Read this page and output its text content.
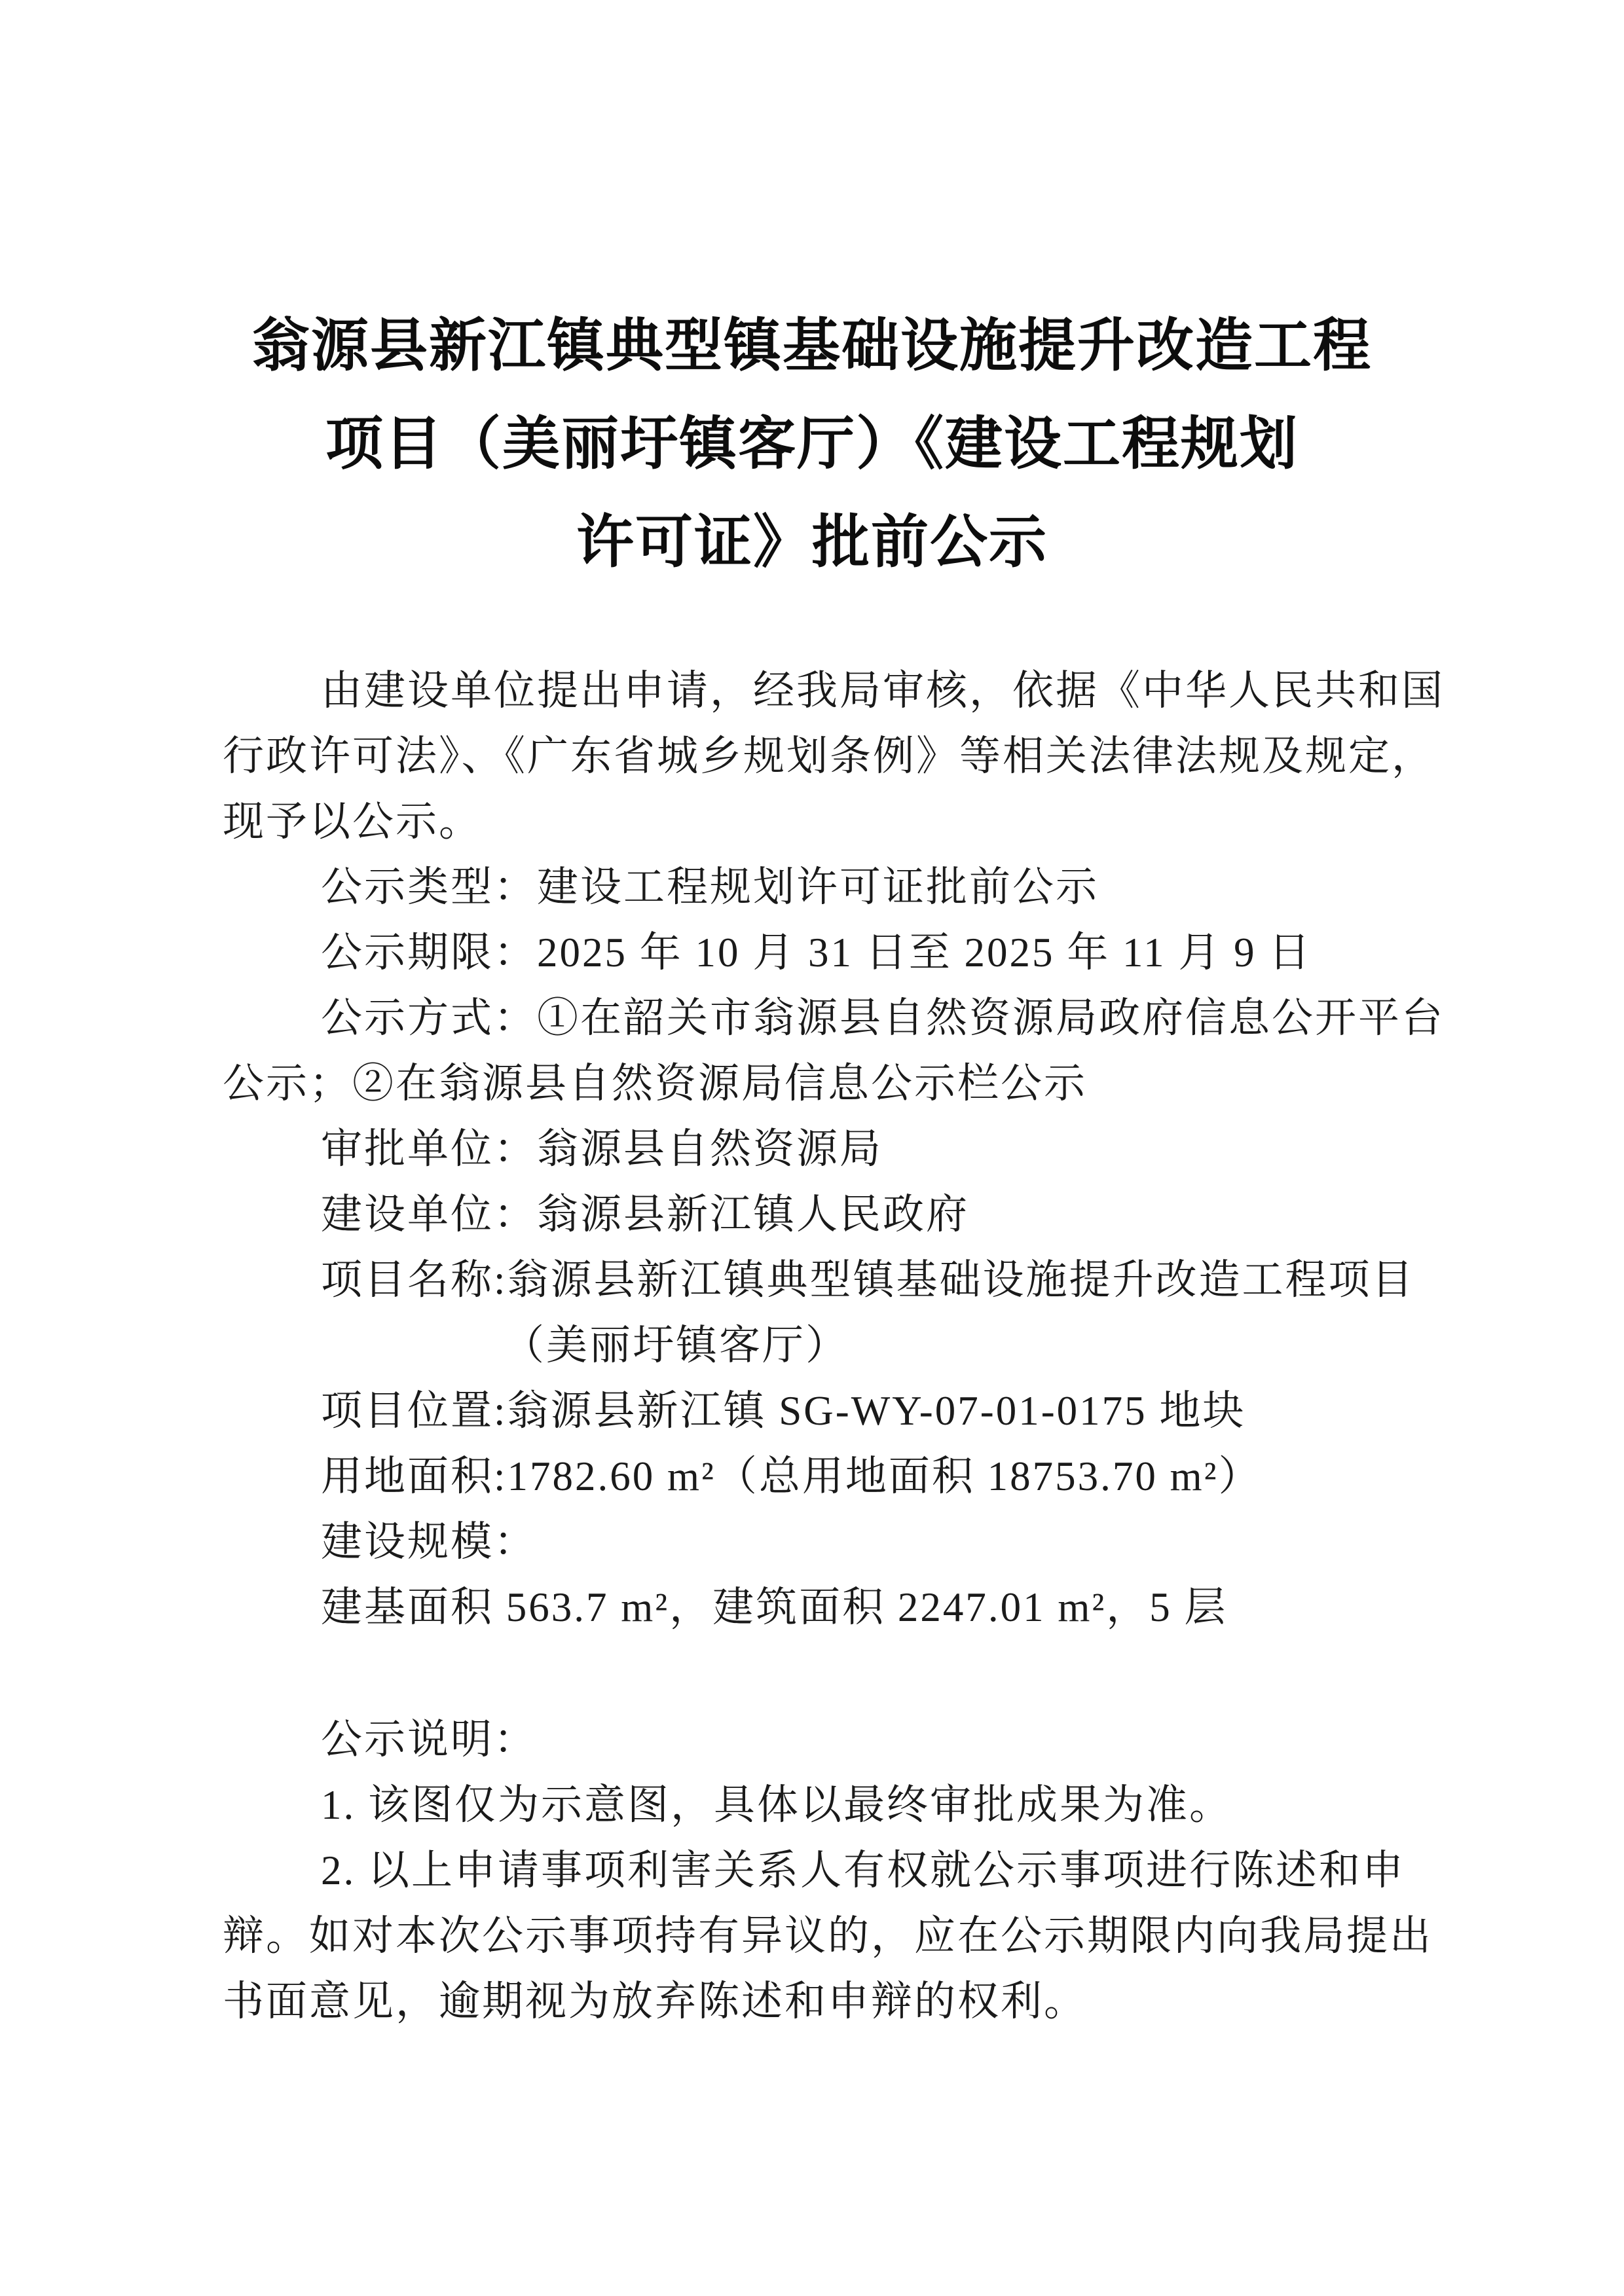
翁源县新江镇典型镇基础设施提升改造工程
项目（美丽圩镇客厅）《建设工程规划
许可证》批前公示
由建设单位提出申请，经我局审核，依据《中华人民共和国
行政许可法》、《广东省城乡规划条例》等相关法律法规及规定，
现予以公示。
公示类型：建设工程规划许可证批前公示
公示期限：2025 年 10 月 31 日至 2025 年 11 月 9 日
公示方式：①在韶关市翁源县自然资源局政府信息公开平台
公示；②在翁源县自然资源局信息公示栏公示
审批单位：翁源县自然资源局
建设单位：翁源县新江镇人民政府
项目名称:翁源县新江镇典型镇基础设施提升改造工程项目
（美丽圩镇客厅）
项目位置:翁源县新江镇 SG-WY-07-01-0175 地块
用地面积:1782.60 m²（总用地面积 18753.70 m²）
建设规模：
建基面积 563.7 m²，建筑面积 2247.01 m²，5 层
公示说明：
1. 该图仅为示意图，具体以最终审批成果为准。
2. 以上申请事项利害关系人有权就公示事项进行陈述和申
辩。如对本次公示事项持有异议的，应在公示期限内向我局提出
书面意见，逾期视为放弃陈述和申辩的权利。
